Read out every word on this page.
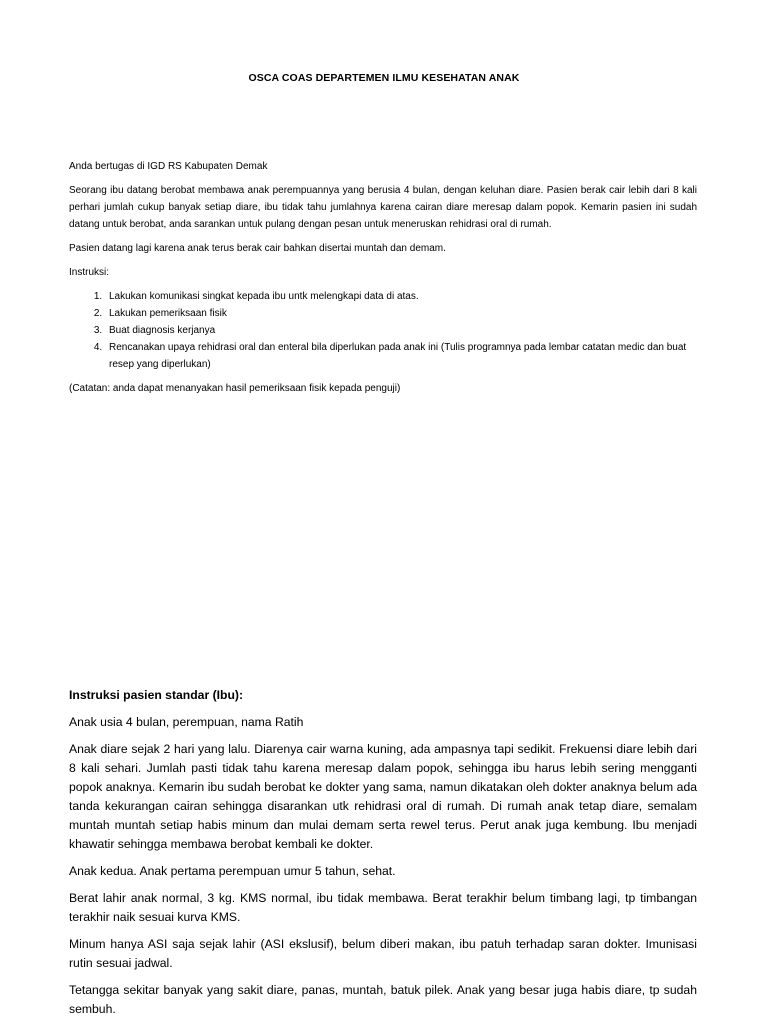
OSCA COAS DEPARTEMEN ILMU KESEHATAN ANAK

Anda bertugas di IGD RS Kabupaten Demak

Seorang ibu datang berobat membawa anak perempuannya yang berusia 4 bulan, dengan keluhan diare. Pasien berak cair lebih dari 8 kali perhari jumlah cukup banyak setiap diare, ibu tidak tahu jumlahnya karena cairan diare meresap dalam popok. Kemarin pasien ini sudah datang untuk berobat, anda sarankan untuk pulang dengan pesan untuk meneruskan rehidrasi oral di rumah.

Pasien datang lagi karena anak terus berak cair bahkan disertai muntah dan demam.

Instruksi:

1. Lakukan komunikasi singkat kepada ibu untk melengkapi data di atas.
2. Lakukan pemeriksaan fisik
3. Buat diagnosis kerjanya
4. Rencanakan upaya rehidrasi oral dan enteral bila diperlukan pada anak ini (Tulis programnya pada lembar catatan medic dan buat resep yang diperlukan)

(Catatan: anda dapat menanyakan hasil pemeriksaan fisik kepada penguji)

Instruksi pasien standar (Ibu):

Anak usia 4 bulan, perempuan, nama Ratih

Anak diare sejak 2 hari yang lalu. Diarenya cair warna kuning, ada ampasnya tapi sedikit. Frekuensi diare lebih dari 8 kali sehari. Jumlah pasti tidak tahu karena meresap dalam popok, sehingga ibu harus lebih sering mengganti popok anaknya. Kemarin ibu sudah berobat ke dokter yang sama, namun dikatakan oleh dokter anaknya belum ada tanda kekurangan cairan sehingga disarankan utk rehidrasi oral di rumah. Di rumah anak tetap diare, semalam muntah muntah setiap habis minum dan mulai demam serta rewel terus. Perut anak juga kembung. Ibu menjadi khawatir sehingga membawa berobat kembali ke dokter.

Anak kedua. Anak pertama perempuan umur 5 tahun, sehat.

Berat lahir anak normal, 3 kg. KMS normal, ibu tidak membawa. Berat terakhir belum timbang lagi, tp timbangan terakhir naik sesuai kurva KMS.

Minum hanya ASI saja sejak lahir (ASI ekslusif), belum diberi makan, ibu patuh terhadap saran dokter. Imunisasi rutin sesuai jadwal.

Tetangga sekitar banyak yang sakit diare, panas, muntah, batuk pilek. Anak yang besar juga habis diare, tp sudah sembuh.
